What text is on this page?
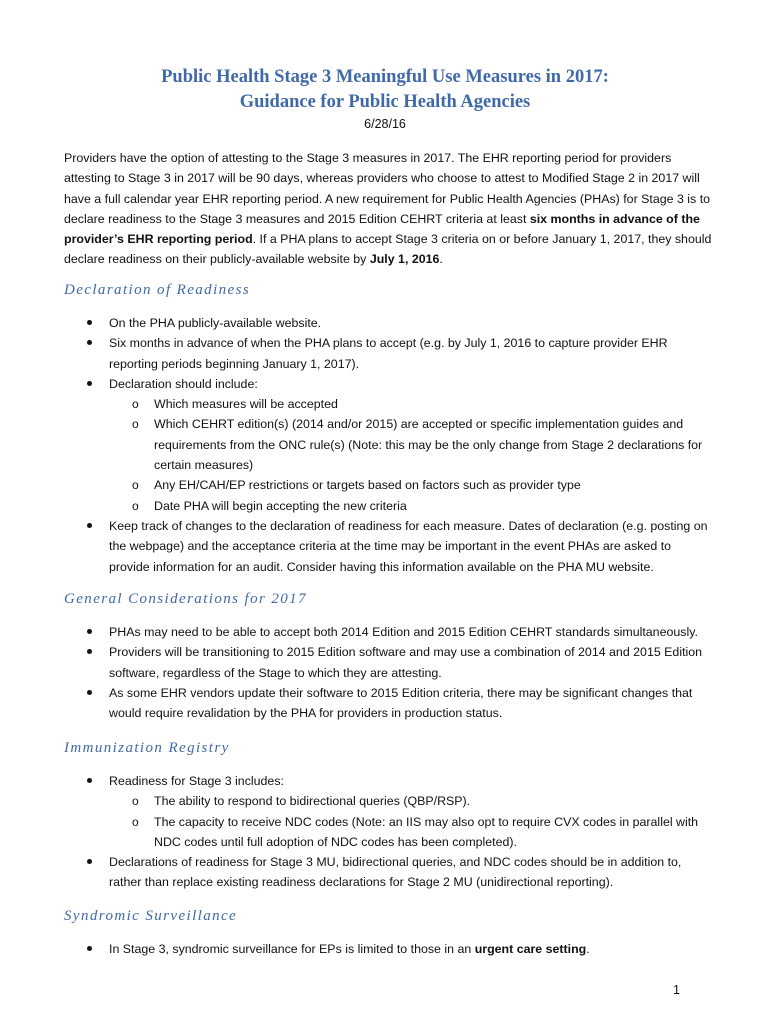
Public Health Stage 3 Meaningful Use Measures in 2017:
Guidance for Public Health Agencies
6/28/16

Providers have the option of attesting to the Stage 3 measures in 2017. The EHR reporting period for providers attesting to Stage 3 in 2017 will be 90 days, whereas providers who choose to attest to Modified Stage 2 in 2017 will have a full calendar year EHR reporting period. A new requirement for Public Health Agencies (PHAs) for Stage 3 is to declare readiness to the Stage 3 measures and 2015 Edition CEHRT criteria at least six months in advance of the provider’s EHR reporting period. If a PHA plans to accept Stage 3 criteria on or before January 1, 2017, they should declare readiness on their publicly-available website by July 1, 2016.

Declaration of Readiness
On the PHA publicly-available website.
Six months in advance of when the PHA plans to accept (e.g. by July 1, 2016 to capture provider EHR reporting periods beginning January 1, 2017).
Declaration should include:
o Which measures will be accepted
o Which CEHRT edition(s) (2014 and/or 2015) are accepted or specific implementation guides and requirements from the ONC rule(s) (Note: this may be the only change from Stage 2 declarations for certain measures)
o Any EH/CAH/EP restrictions or targets based on factors such as provider type
o Date PHA will begin accepting the new criteria
Keep track of changes to the declaration of readiness for each measure. Dates of declaration (e.g. posting on the webpage) and the acceptance criteria at the time may be important in the event PHAs are asked to provide information for an audit. Consider having this information available on the PHA MU website.
General Considerations for 2017
PHAs may need to be able to accept both 2014 Edition and 2015 Edition CEHRT standards simultaneously.
Providers will be transitioning to 2015 Edition software and may use a combination of 2014 and 2015 Edition software, regardless of the Stage to which they are attesting.
As some EHR vendors update their software to 2015 Edition criteria, there may be significant changes that would require revalidation by the PHA for providers in production status.
Immunization Registry
Readiness for Stage 3 includes:
o The ability to respond to bidirectional queries (QBP/RSP).
o The capacity to receive NDC codes (Note: an IIS may also opt to require CVX codes in parallel with NDC codes until full adoption of NDC codes has been completed).
Declarations of readiness for Stage 3 MU, bidirectional queries, and NDC codes should be in addition to, rather than replace existing readiness declarations for Stage 2 MU (unidirectional reporting).
Syndromic Surveillance
In Stage 3, syndromic surveillance for EPs is limited to those in an urgent care setting.
1
